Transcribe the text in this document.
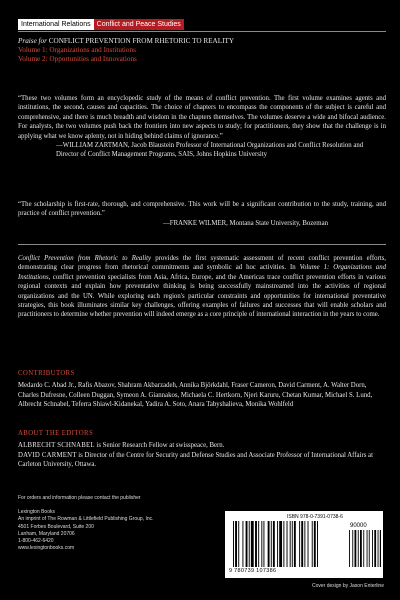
International Relations Conflict and Peace Studies
Praise for CONFLICT PREVENTION FROM RHETORIC TO REALITY
Volume 1: Organizations and Institutions
Volume 2: Opportunities and Innovations
“These two volumes form an encyclopedic study of the means of conflict prevention. The first volume examines agents and institutions, the second, causes and capacities. The choice of chapters to encompass the components of the subject is careful and comprehensive, and there is much breadth and wisdom in the chapters themselves. The volumes deserve a wide and bifocal audience. For analysts, the two volumes push back the frontiers into new aspects to study; for practitioners, they show that the challenge is in applying what we know aplenty, not in hiding behind claims of ignorance.”
—WILLIAM ZARTMAN, Jacob Blaustein Professor of International Organizations and Conflict Resolution and Director of Conflict Management Programs, SAIS, Johns Hopkins University
“The scholarship is first-rate, thorough, and comprehensive. This work will be a significant contribution to the study, training, and practice of conflict prevention.”
—FRANKE WILMER, Montana State University, Bozeman
Conflict Prevention from Rhetoric to Reality provides the first systematic assessment of recent conflict prevention efforts, demonstrating clear progress from rhetorical commitments and symbolic ad hoc activities. In Volume 1: Organizations and Institutions, conflict prevention specialists from Asia, Africa, Europe, and the Americas trace conflict prevention efforts in various regional contexts and explain how preventative thinking is being successfully mainstreamed into the activities of regional organizations and the UN. While exploring each region's particular constraints and opportunities for international preventative strategies, this book illuminates similar key challenges, offering examples of failures and successes that will enable scholars and practitioners to determine whether prevention will indeed emerge as a core principle of international interaction in the years to come.
CONTRIBUTORS
Medardo C. Abad Jr., Rafis Abazov, Shahram Akbarzadeh, Annika Björkdahl, Fraser Cameron, David Carment, A. Walter Dorn, Charles Dufresne, Colleen Duggan, Symeon A. Giannakos, Michaela C. Hertkorn, Njeri Karuru, Chetan Kumar, Michael S. Lund, Albrecht Schnabel, Teferra Shiawl-Kidanekal, Yadira A. Soto, Anara Tabyshalieva, Monika Wohlfeld
ABOUT THE EDITORS
ALBRECHT SCHNABEL is Senior Research Fellow at swisspeace, Bern.
DAVID CARMENT is Director of the Centre for Security and Defense Studies and Associate Professor of International Affairs at Carleton University, Ottawa.
For orders and information please contact the publisher
Lexington Books
An imprint of The Rowman & Littlefield Publishing Group, Inc.
4501 Forbes Boulevard, Suite 200
Lanham, Maryland 20706
1-800-462-6420
www.lexingtonbooks.com
ISBN 978-0-7391-0738-6
90000
9 780739 107386
Cover design by Jason Enterline
